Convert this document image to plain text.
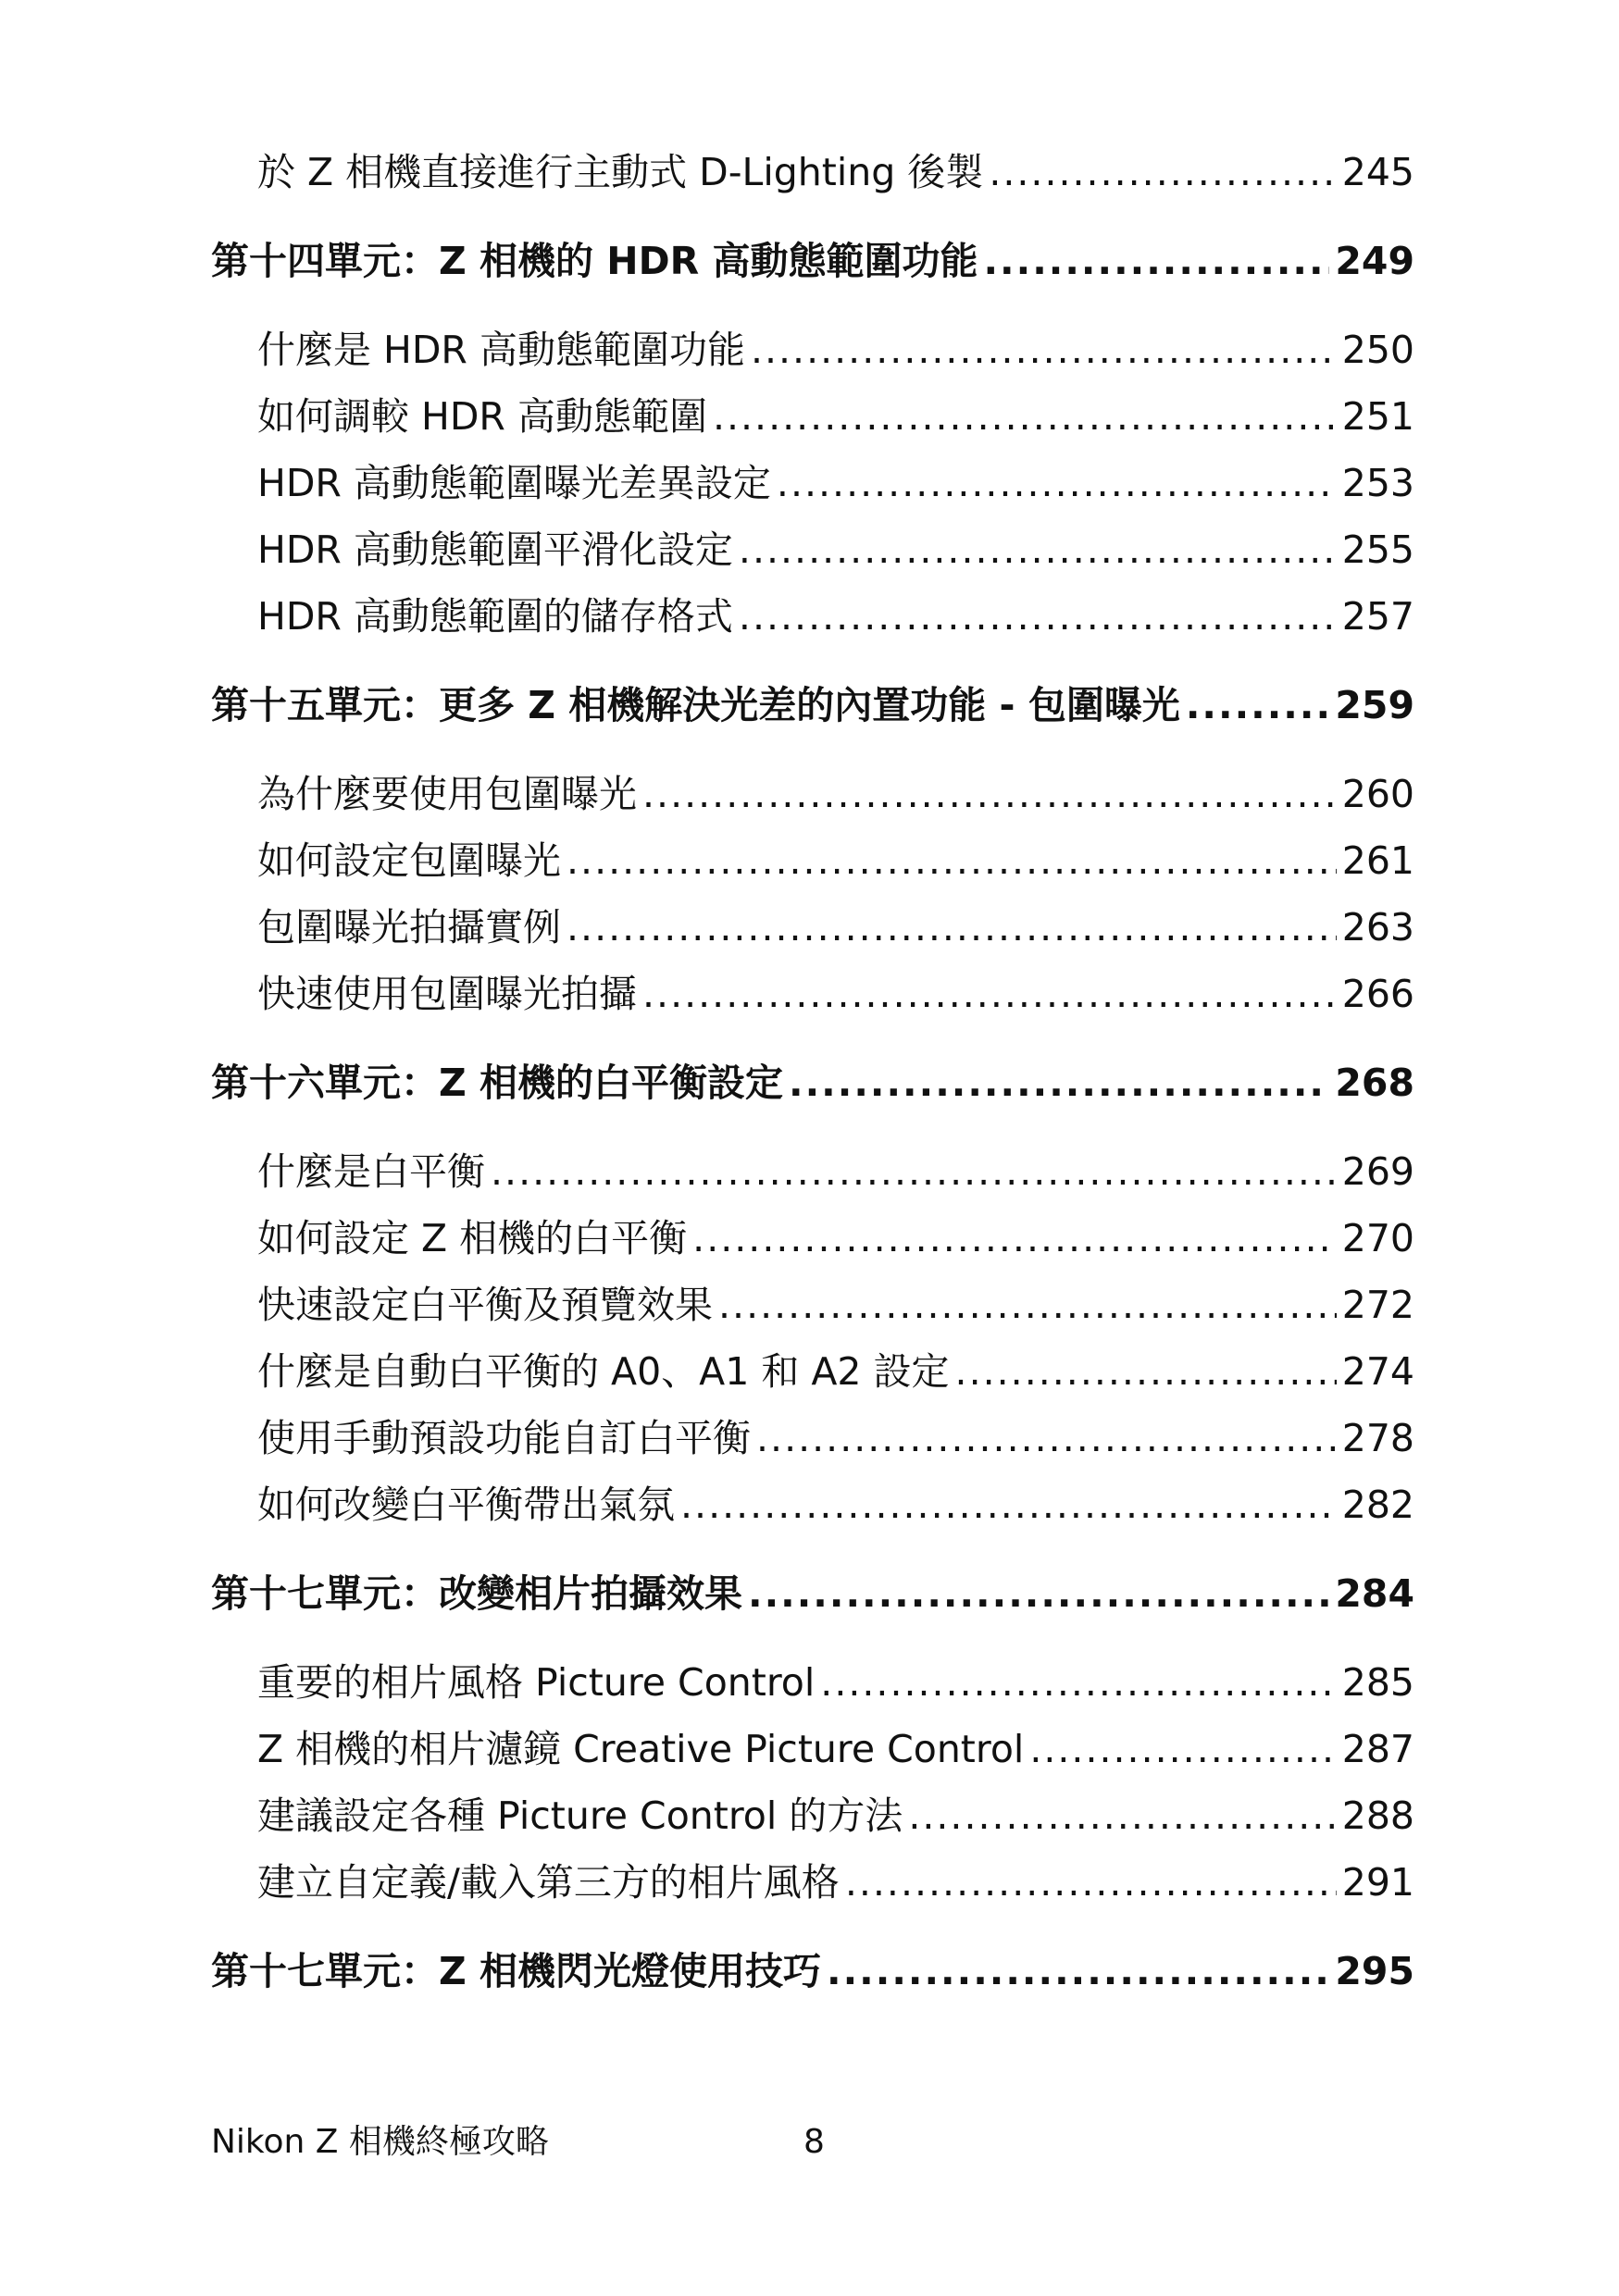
於 Z 相機直接進行主動式 D-Lighting 後製 .....	245
第十四單元：Z 相機的 HDR 高動態範圍功能 .....	249
什麼是 HDR 高動態範圍功能 .....	250
如何調較 HDR 高動態範圍 .....	251
HDR 高動態範圍曝光差異設定 .....	253
HDR 高動態範圍平滑化設定 .....	255
HDR 高動態範圍的儲存格式 .....	257
第十五單元：更多 Z 相機解決光差的內置功能 - 包圍曝光 .....	259
為什麼要使用包圍曝光 .....	260
如何設定包圍曝光 .....	261
包圍曝光拍攝實例 .....	263
快速使用包圍曝光拍攝 .....	266
第十六單元：Z 相機的白平衡設定 .....	268
什麼是白平衡 .....	269
如何設定 Z 相機的白平衡 .....	270
快速設定白平衡及預覽效果 .....	272
什麼是自動白平衡的 A0、A1 和 A2 設定 .....	274
使用手動預設功能自訂白平衡 .....	278
如何改變白平衡帶出氣氛 .....	282
第十七單元：改變相片拍攝效果 .....	284
重要的相片風格 Picture Control .....	285
Z 相機的相片濾鏡 Creative Picture Control .....	287
建議設定各種 Picture Control 的方法 .....	288
建立自定義/載入第三方的相片風格 .....	291
第十七單元：Z 相機閃光燈使用技巧 .....	295
Nikon Z 相機終極攻略	8
